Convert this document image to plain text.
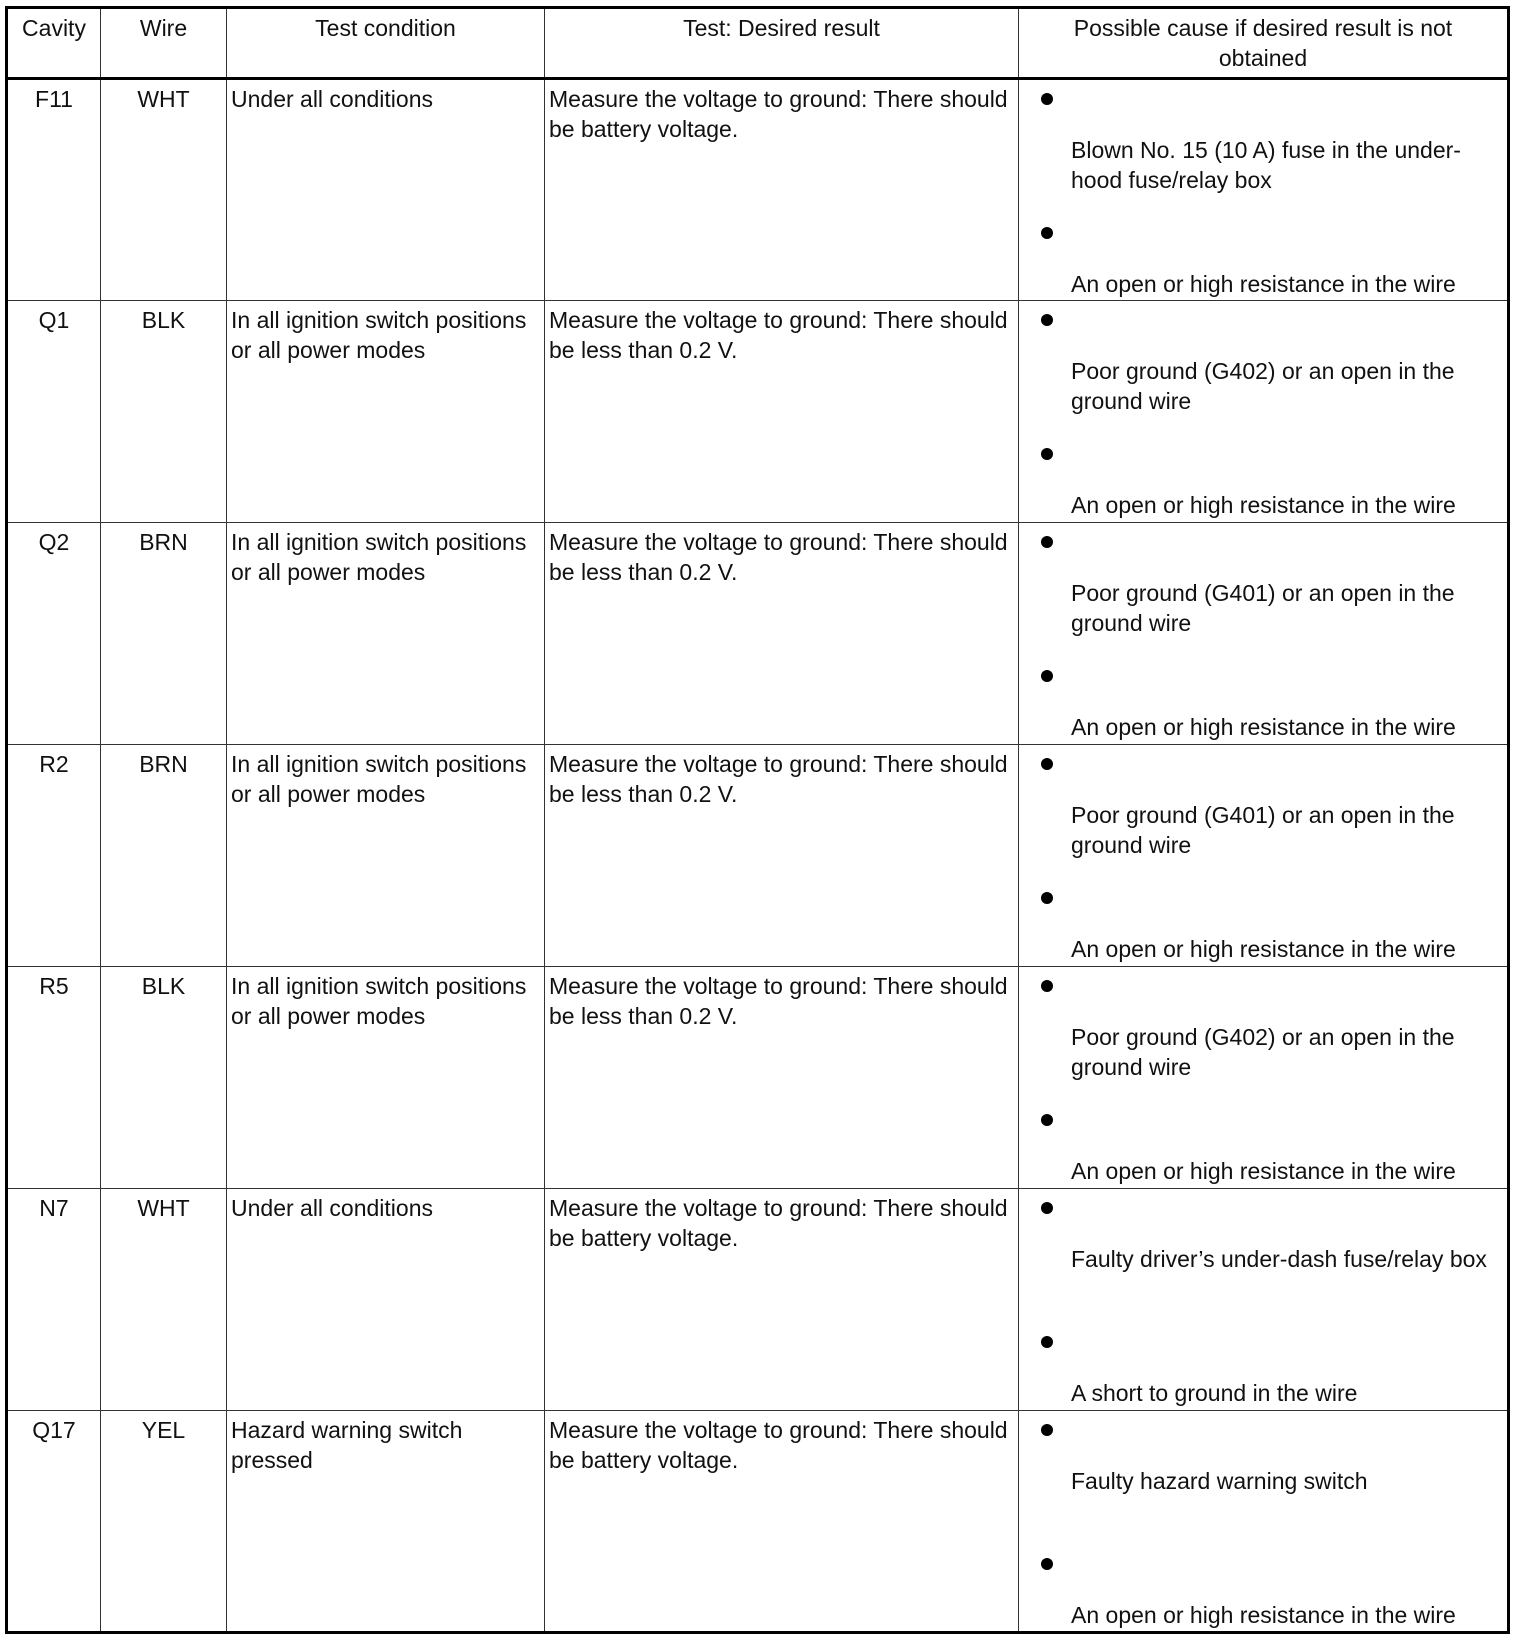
Cavity	Wire	Test condition	Test: Desired result	Possible cause if desired result is not obtained
F11	WHT	Under all conditions	Measure the voltage to ground: There should be battery voltage.	Blown No. 15 (10 A) fuse in the under-hood fuse/relay box
An open or high resistance in the wire

Q1	BLK	In all ignition switch positions or all power modes	Measure the voltage to ground: There should be less than 0.2 V.	Poor ground (G402) or an open in the ground wire
An open or high resistance in the wire

Q2	BRN	In all ignition switch positions or all power modes	Measure the voltage to ground: There should be less than 0.2 V.	Poor ground (G401) or an open in the ground wire
An open or high resistance in the wire

R2	BRN	In all ignition switch positions or all power modes	Measure the voltage to ground: There should be less than 0.2 V.	Poor ground (G401) or an open in the ground wire
An open or high resistance in the wire

R5	BLK	In all ignition switch positions or all power modes	Measure the voltage to ground: There should be less than 0.2 V.	Poor ground (G402) or an open in the ground wire
An open or high resistance in the wire

N7	WHT	Under all conditions	Measure the voltage to ground: There should be battery voltage.	Faulty driver’s under-dash fuse/relay box
A short to ground in the wire

Q17	YEL	Hazard warning switch pressed	Measure the voltage to ground: There should be battery voltage.	Faulty hazard warning switch
An open or high resistance in the wire
